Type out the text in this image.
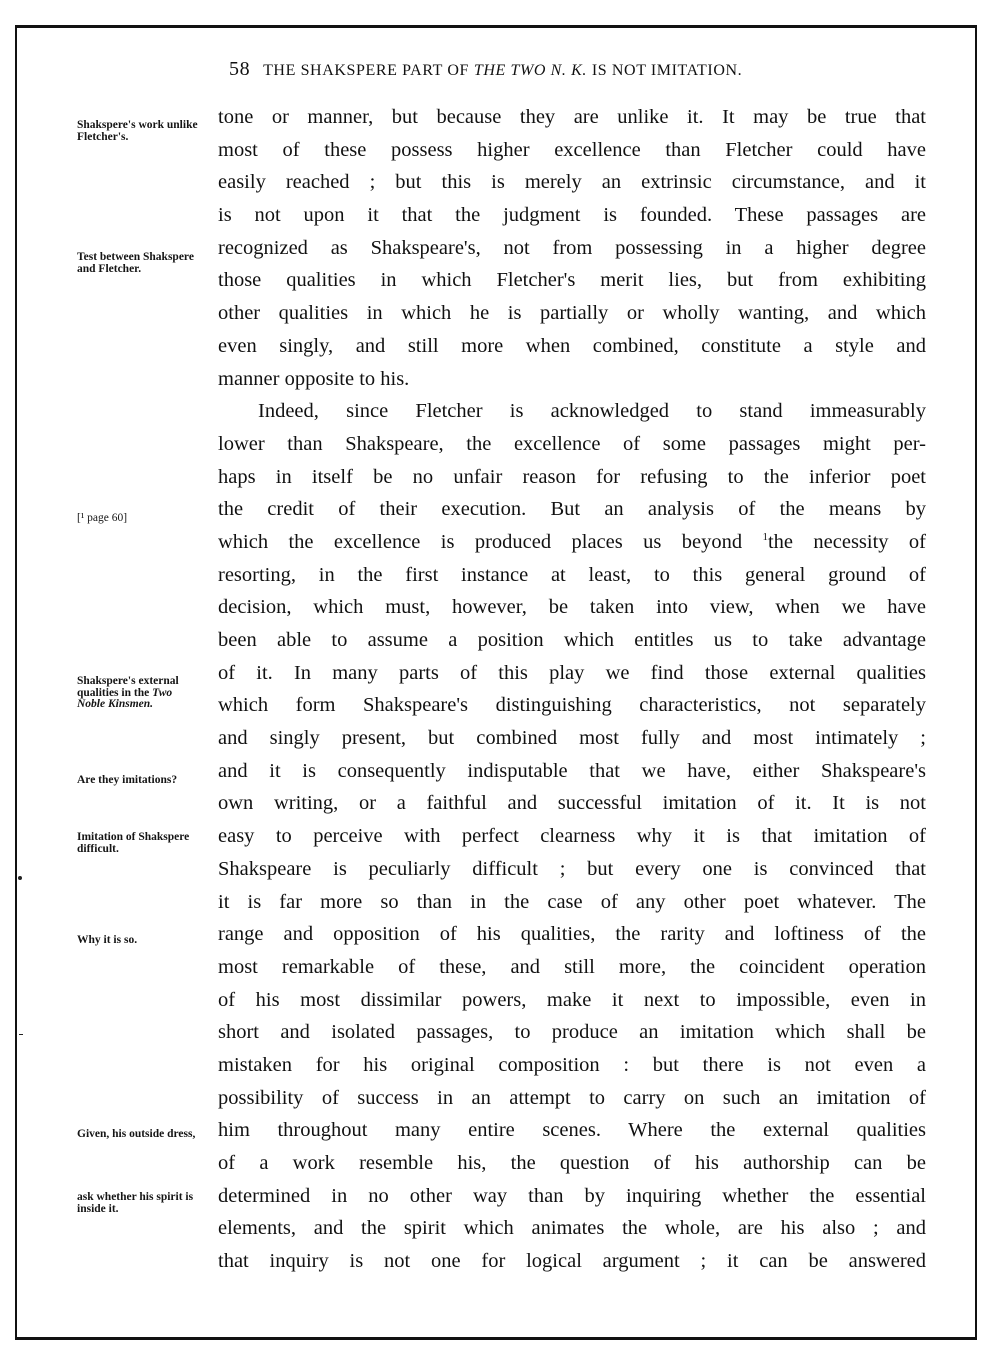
58 THE SHAKSPERE PART OF THE TWO N. K. IS NOT IMITATION.
Shakspere's work unlike Fletcher's.
Test between Shakspere and Fletcher.
[¹ page 60]
Shakspere's external qualities in the Two Noble Kinsmen.
Are they imitations?
Imitation of Shakspere difficult.
Why it is so.
Given, his outside dress,
ask whether his spirit is inside it.
tone or manner, but because they are unlike it. It may be true that
most of these possess higher excellence than Fletcher could have
easily reached ; but this is merely an extrinsic circumstance, and it
is not upon it that the judgment is founded. These passages are
recognized as Shakspeare's, not from possessing in a higher degree
those qualities in which Fletcher's merit lies, but from exhibiting
other qualities in which he is partially or wholly wanting, and which
even singly, and still more when combined, constitute a style and
manner opposite to his.
Indeed, since Fletcher is acknowledged to stand immeasurably
lower than Shakspeare, the excellence of some passages might per-
haps in itself be no unfair reason for refusing to the inferior poet
the credit of their execution. But an analysis of the means by
which the excellence is produced places us beyond $^1$the necessity of
resorting, in the first instance at least, to this general ground of
decision, which must, however, be taken into view, when we have
been able to assume a position which entitles us to take advantage
of it. In many parts of this play we find those external qualities
which form Shakspeare's distinguishing characteristics, not separately
and singly present, but combined most fully and most intimately ;
and it is consequently indisputable that we have, either Shakspeare's
own writing, or a faithful and successful imitation of it. It is not
easy to perceive with perfect clearness why it is that imitation of
Shakspeare is peculiarly difficult ; but every one is convinced that
it is far more so than in the case of any other poet whatever. The
range and opposition of his qualities, the rarity and loftiness of the
most remarkable of these, and still more, the coincident operation
of his most dissimilar powers, make it next to impossible, even in
short and isolated passages, to produce an imitation which shall be
mistaken for his original composition : but there is not even a
possibility of success in an attempt to carry on such an imitation of
him throughout many entire scenes. Where the external qualities
of a work resemble his, the question of his authorship can be
determined in no other way than by inquiring whether the essential
elements, and the spirit which animates the whole, are his also ; and
that inquiry is not one for logical argument ; it can be answered
